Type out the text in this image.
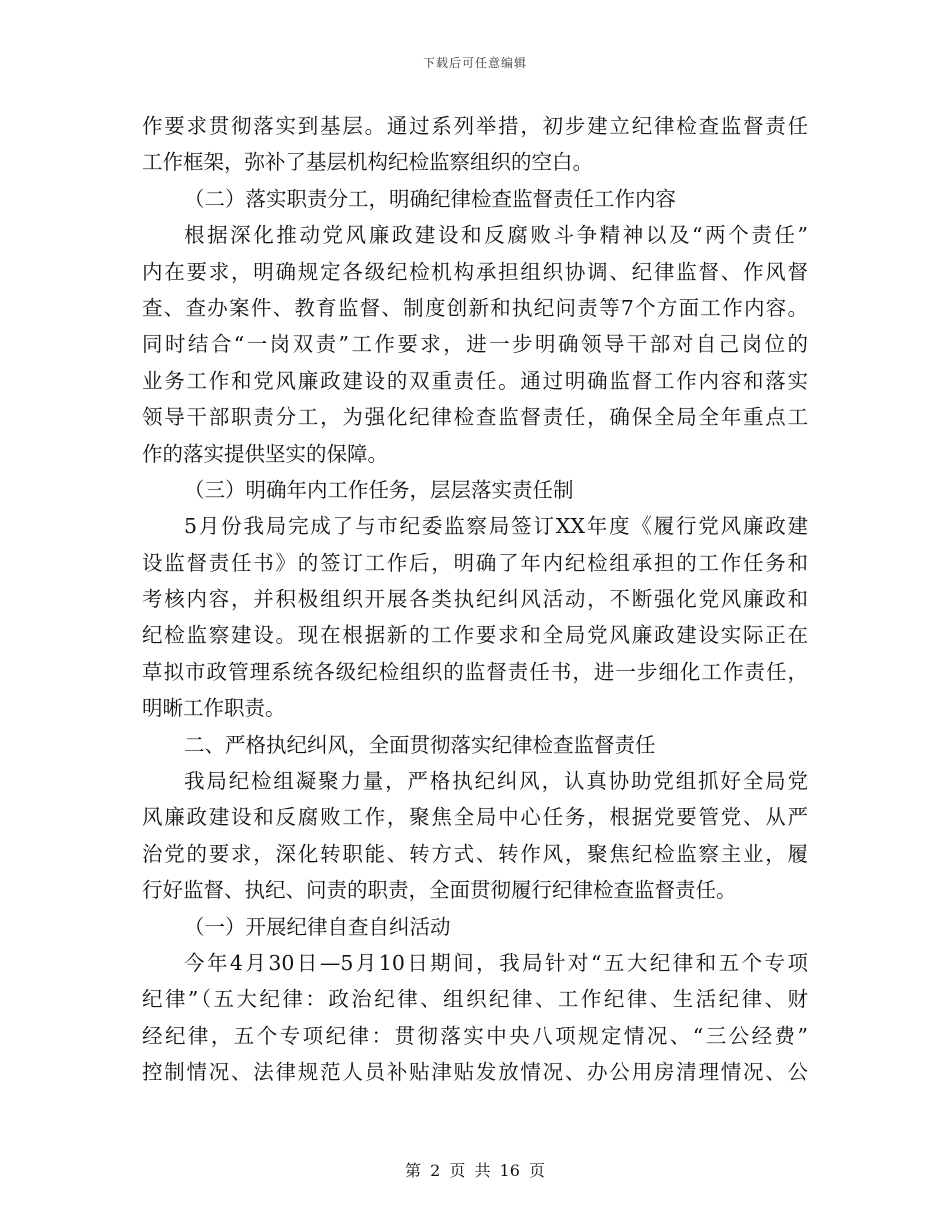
下载后可任意编辑
作要求贯彻落实到基层。通过系列举措，初步建立纪律检查监督责任
工作框架，弥补了基层机构纪检监察组织的空白。
（二）落实职责分工，明确纪律检查监督责任工作内容
根据深化推动党风廉政建设和反腐败斗争精神以及“两个责任”
内在要求，明确规定各级纪检机构承担组织协调、纪律监督、作风督
查、查办案件、教育监督、制度创新和执纪问责等7个方面工作内容。
同时结合“一岗双责”工作要求，进一步明确领导干部对自己岗位的
业务工作和党风廉政建设的双重责任。通过明确监督工作内容和落实
领导干部职责分工，为强化纪律检查监督责任，确保全局全年重点工
作的落实提供坚实的保障。
（三）明确年内工作任务，层层落实责任制
5月份我局完成了与市纪委监察局签订XX年度《履行党风廉政建
设监督责任书》的签订工作后，明确了年内纪检组承担的工作任务和
考核内容，并积极组织开展各类执纪纠风活动，不断强化党风廉政和
纪检监察建设。现在根据新的工作要求和全局党风廉政建设实际正在
草拟市政管理系统各级纪检组织的监督责任书，进一步细化工作责任，
明晰工作职责。
二、严格执纪纠风，全面贯彻落实纪律检查监督责任
我局纪检组凝聚力量，严格执纪纠风，认真协助党组抓好全局党
风廉政建设和反腐败工作，聚焦全局中心任务，根据党要管党、从严
治党的要求，深化转职能、转方式、转作风，聚焦纪检监察主业，履
行好监督、执纪、问责的职责，全面贯彻履行纪律检查监督责任。
（一）开展纪律自查自纠活动
今年4月30日—5月10日期间，我局针对“五大纪律和五个专项
纪律”（五大纪律：政治纪律、组织纪律、工作纪律、生活纪律、财
经纪律，五个专项纪律：贯彻落实中央八项规定情况、“三公经费”
控制情况、法律规范人员补贴津贴发放情况、办公用房清理情况、公
第 2 页 共 16 页
